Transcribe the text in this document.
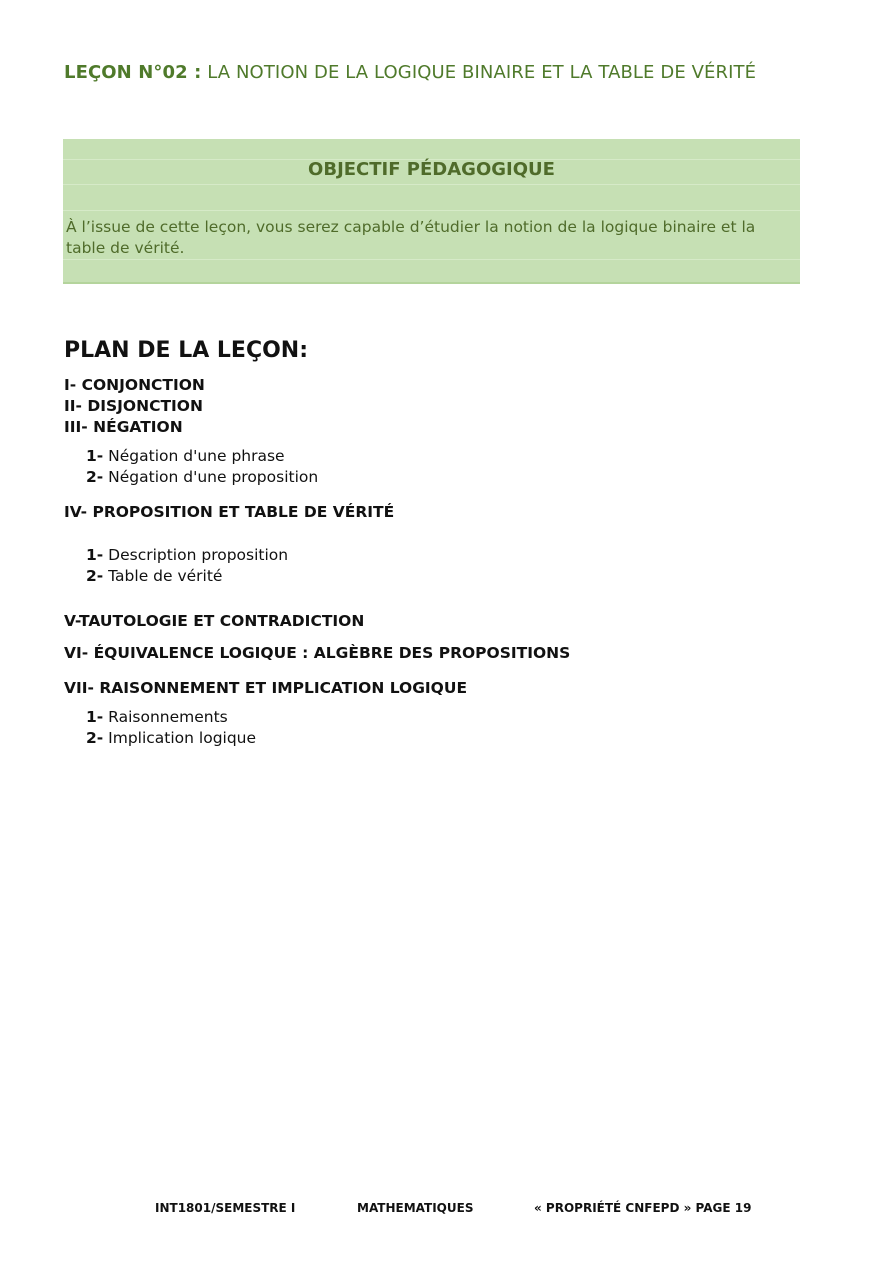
LEÇON N°02 : LA NOTION DE LA LOGIQUE BINAIRE ET LA TABLE DE VÉRITÉ
OBJECTIF PÉDAGOGIQUE
À l’issue de cette leçon, vous serez capable d’étudier la notion de la logique binaire et la table de vérité.
PLAN DE LA LEÇON:
I- CONJONCTION
II- DISJONCTION
III- NÉGATION
1- Négation d'une phrase
2- Négation d'une proposition
IV- PROPOSITION ET TABLE DE VÉRITÉ
1- Description proposition
2- Table de vérité
V-TAUTOLOGIE ET CONTRADICTION
VI- ÉQUIVALENCE LOGIQUE : ALGÈBRE DES PROPOSITIONS
VII- RAISONNEMENT ET IMPLICATION LOGIQUE
1- Raisonnements
2- Implication logique
INT1801/SEMESTRE I	MATHEMATIQUES	« PROPRIÉTÉ CNFEPD » PAGE 19
